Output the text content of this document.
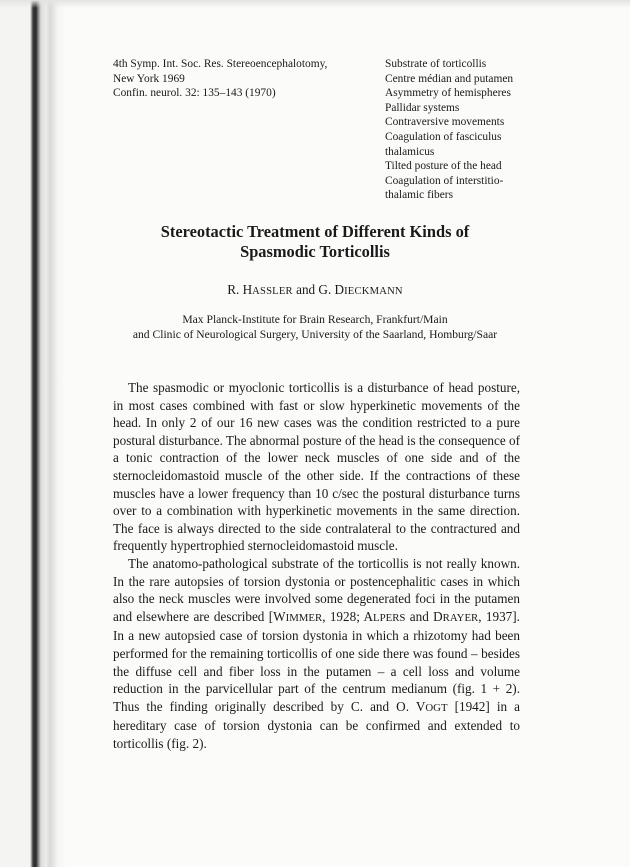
4th Symp. Int. Soc. Res. Stereoencephalotomy,
New York 1969
Confin. neurol. 32: 135–143 (1970)
Substrate of torticollis
Centre médian and putamen
Asymmetry of hemispheres
Pallidar systems
Contraversive movements
Coagulation of fasciculus
thalamicus
Tilted posture of the head
Coagulation of interstitio-
thalamic fibers
Stereotactic Treatment of Different Kinds of
Spasmodic Torticollis
R. HASSLER and G. DIECKMANN
Max Planck-Institute for Brain Research, Frankfurt/Main
and Clinic of Neurological Surgery, University of the Saarland, Homburg/Saar

The spasmodic or myoclonic torticollis is a disturbance of head posture, in most cases combined with fast or slow hyperkinetic movements of the head. In only 2 of our 16 new cases was the condition restricted to a pure postural disturbance. The abnormal posture of the head is the consequence of a tonic contraction of the lower neck muscles of one side and of the sternocleidomastoid muscle of the other side. If the contractions of these muscles have a lower frequency than 10 c/sec the postural disturbance turns over to a combination with hyperkinetic movements in the same direction. The face is always directed to the side contralateral to the contractured and frequently hypertrophied sternocleidomastoid muscle.

The anatomo-pathological substrate of the torticollis is not really known. In the rare autopsies of torsion dystonia or postencephalitic cases in which also the neck muscles were involved some degenerated foci in the putamen and elsewhere are described [WIMMER, 1928; ALPERS and DRAYER, 1937]. In a new autopsied case of torsion dystonia in which a rhizotomy had been performed for the remaining torticollis of one side there was found – besides the diffuse cell and fiber loss in the putamen – a cell loss and volume reduction in the parvicellular part of the centrum medianum (fig. 1 + 2). Thus the finding originally described by C. and O. VOGT [1942] in a hereditary case of torsion dystonia can be confirmed and extended to torticollis (fig. 2).
